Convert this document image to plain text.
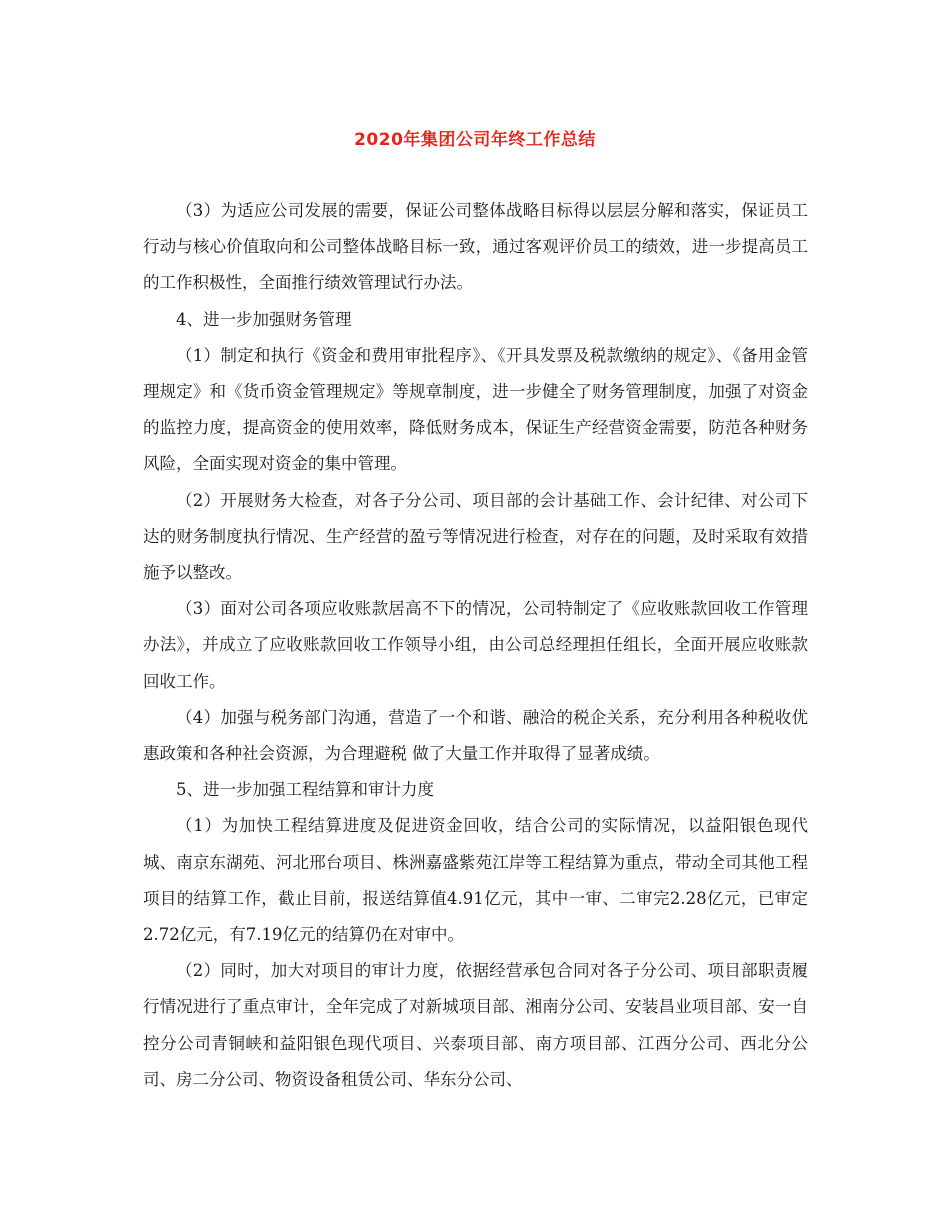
2020年集团公司年终工作总结

（3）为适应公司发展的需要，保证公司整体战略目标得以层层分解和落实，保证员工行动与核心价值取向和公司整体战略目标一致，通过客观评价员工的绩效，进一步提高员工的工作积极性，全面推行绩效管理试行办法。

4、进一步加强财务管理

（1）制定和执行《资金和费用审批程序》、《开具发票及税款缴纳的规定》、《备用金管理规定》和《货币资金管理规定》等规章制度，进一步健全了财务管理制度，加强了对资金的监控力度，提高资金的使用效率，降低财务成本，保证生产经营资金需要，防范各种财务风险，全面实现对资金的集中管理。

（2）开展财务大检查，对各子分公司、项目部的会计基础工作、会计纪律、对公司下达的财务制度执行情况、生产经营的盈亏等情况进行检查，对存在的问题，及时采取有效措施予以整改。

（3）面对公司各项应收账款居高不下的情况，公司特制定了《应收账款回收工作管理办法》，并成立了应收账款回收工作领导小组，由公司总经理担任组长，全面开展应收账款回收工作。

（4）加强与税务部门沟通，营造了一个和谐、融洽的税企关系，充分利用各种税收优惠政策和各种社会资源，为合理避税 做了大量工作并取得了显著成绩。

5、进一步加强工程结算和审计力度

（1）为加快工程结算进度及促进资金回收，结合公司的实际情况，以益阳银色现代城、南京东湖苑、河北邢台项目、株洲嘉盛紫苑江岸等工程结算为重点，带动全司其他工程项目的结算工作，截止目前，报送结算值4.91亿元，其中一审、二审完2.28亿元，已审定2.72亿元，有7.19亿元的结算仍在对审中。

（2）同时，加大对项目的审计力度，依据经营承包合同对各子分公司、项目部职责履行情况进行了重点审计，全年完成了对新城项目部、湘南分公司、安装昌业项目部、安一自控分公司青铜峡和益阳银色现代项目、兴泰项目部、南方项目部、江西分公司、西北分公司、房二分公司、物资设备租赁公司、华东分公司、
